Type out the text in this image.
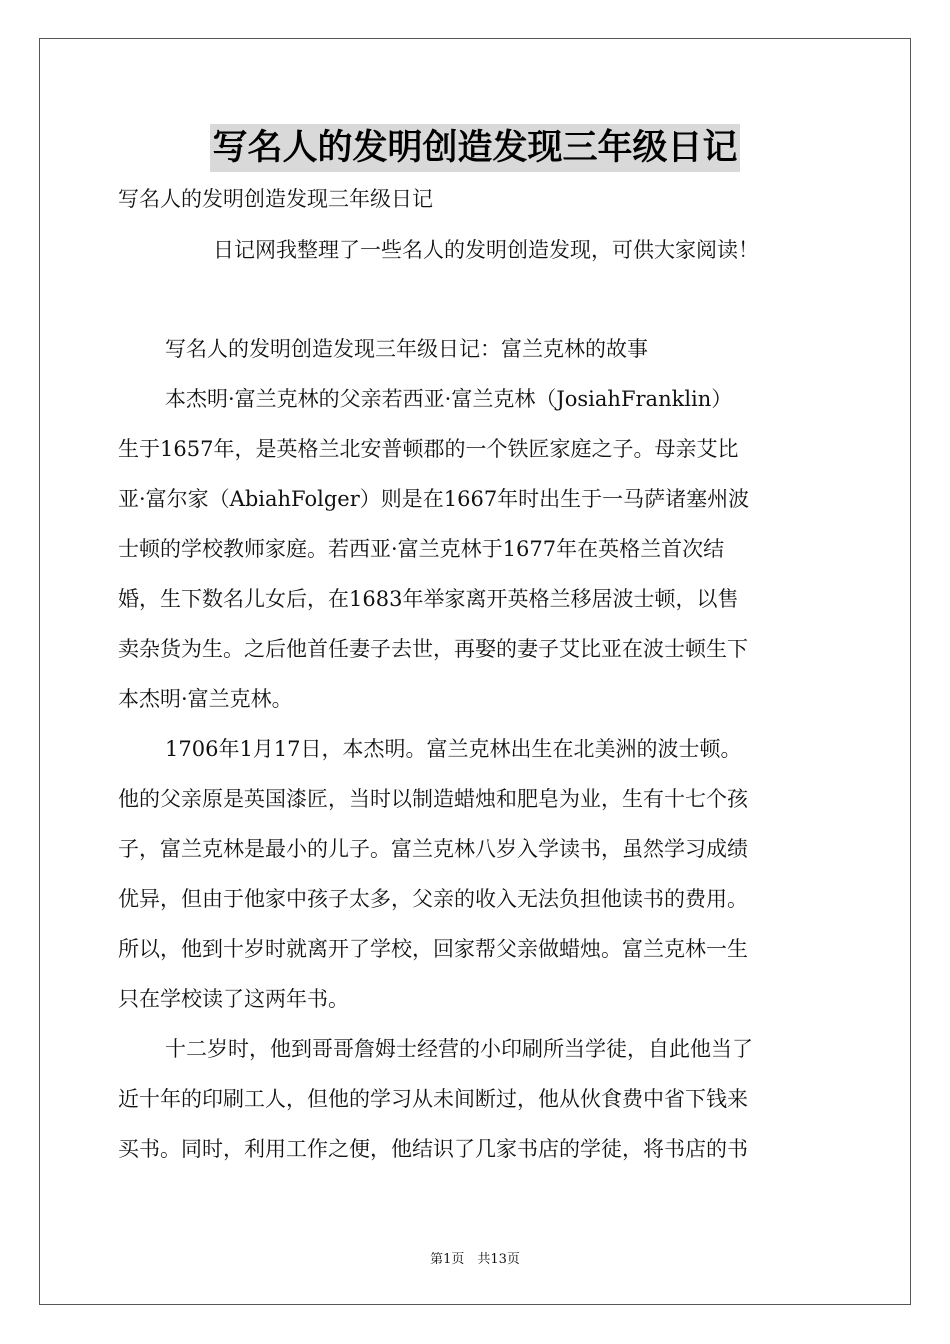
写名人的发明创造发现三年级日记
写名人的发明创造发现三年级日记
日记网我整理了一些名人的发明创造发现，可供大家阅读！
写名人的发明创造发现三年级日记：富兰克林的故事
本杰明·富兰克林的父亲若西亚·富兰克林（JosiahFranklin）
生于1657年，是英格兰北安普顿郡的一个铁匠家庭之子。母亲艾比
亚·富尔家（AbiahFolger）则是在1667年时出生于一马萨诸塞州波
士顿的学校教师家庭。若西亚·富兰克林于1677年在英格兰首次结
婚，生下数名儿女后，在1683年举家离开英格兰移居波士顿，以售
卖杂货为生。之后他首任妻子去世，再娶的妻子艾比亚在波士顿生下
本杰明·富兰克林。
1706年1月17日，本杰明。富兰克林出生在北美洲的波士顿。
他的父亲原是英国漆匠，当时以制造蜡烛和肥皂为业，生有十七个孩
子，富兰克林是最小的儿子。富兰克林八岁入学读书，虽然学习成绩
优异，但由于他家中孩子太多，父亲的收入无法负担他读书的费用。
所以，他到十岁时就离开了学校，回家帮父亲做蜡烛。富兰克林一生
只在学校读了这两年书。
十二岁时，他到哥哥詹姆士经营的小印刷所当学徒，自此他当了
近十年的印刷工人，但他的学习从未间断过，他从伙食费中省下钱来
买书。同时，利用工作之便，他结识了几家书店的学徒，将书店的书
第1页　共13页
